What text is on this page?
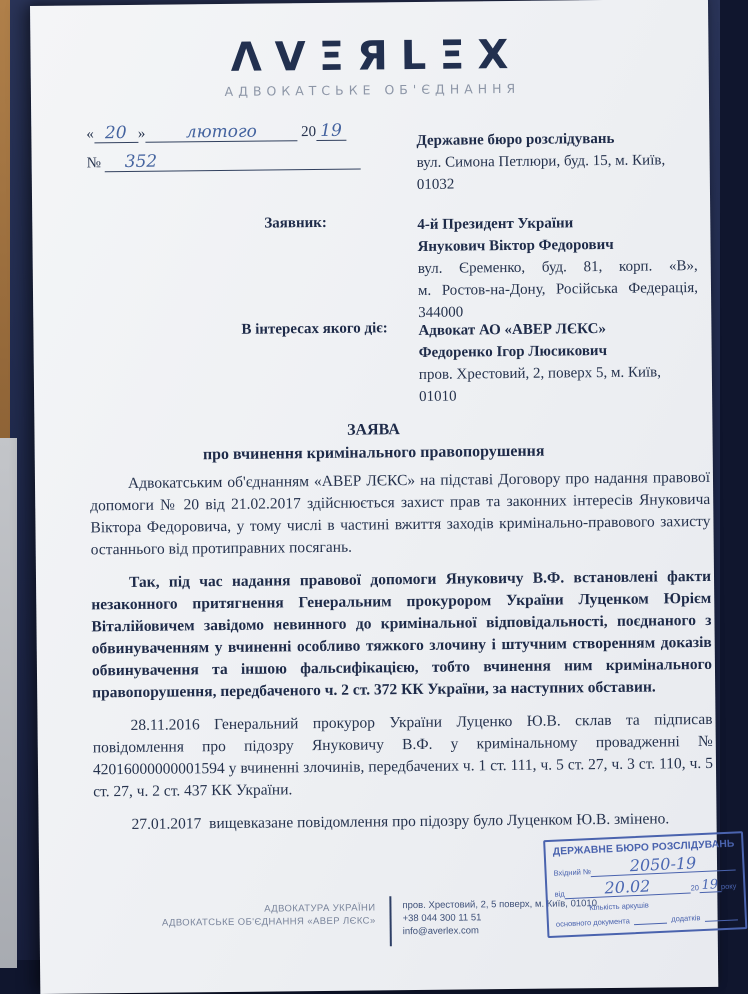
ΛVΞЯLΞX
АДВОКАТСЬКЕ ОБ'ЄДНАННЯ
« 20 » лютого	20 19
№ 352
Державне бюро розслідувань
вул. Симона Петлюри, буд. 15, м. Київ,
01032
Заявник:	4-й Президент України
Янукович Віктор Федорович
вул. Єременко, буд. 81, корп. «В»,
м. Ростов-на-Дону, Російська Федерація,
344000
В інтересах якого діє: Адвокат АО «АВЕР ЛЄКС»
Федоренко Ігор Люсикович
пров. Хрестовий, 2, поверх 5, м. Київ,
01010
ЗАЯВА
про вчинення кримінального правопорушення

Адвокатським об'єднанням «АВЕР ЛЄКС» на підставі Договору про надання правової допомоги № 20 від 21.02.2017 здійснюється захист прав та законних інтересів Януковича Віктора Федоровича, у тому числі в частині вжиття заходів кримінально-правового захисту останнього від протиправних посягань.

Так, під час надання правової допомоги Януковичу В.Ф. встановлені факти незаконного притягнення Генеральним прокурором України Луценком Юрієм Віталійовичем завідомо невинного до кримінальної відповідальності, поєднаного з обвинуваченням у вчиненні особливо тяжкого злочину і штучним створенням доказів обвинувачення та іншою фальсифікацією, тобто вчинення ним кримінального правопорушення, передбаченого ч. 2 ст. 372 КК України, за наступних обставин.

28.11.2016 Генеральний прокурор України Луценко Ю.В. склав та підписав повідомлення про підозру Януковичу В.Ф. у кримінальному провадженні № 42016000000001594 у вчиненні злочинів, передбачених ч. 1 ст. 111, ч. 5 ст. 27, ч. 3 ст. 110, ч. 5 ст. 27, ч. 2 ст. 437 КК України.

27.01.2017  вищевказане повідомлення про підозру було Луценком Ю.В. змінено.

АДВОКАТУРА УКРАЇНИ
АДВОКАТСЬКЕ ОБ'ЄДНАННЯ «АВЕР ЛЄКС»
пров. Хрестовий, 2, 5 поверх, м. Київ, 01010
+38 044 300 11 51
info@averlex.com
ДЕРЖАВНЕ БЮРО РОЗСЛІДУВАНЬ
Вхідний №	2050-19
від	20.02	20 19 року
Кількість аркушів
основного документа	додатків
